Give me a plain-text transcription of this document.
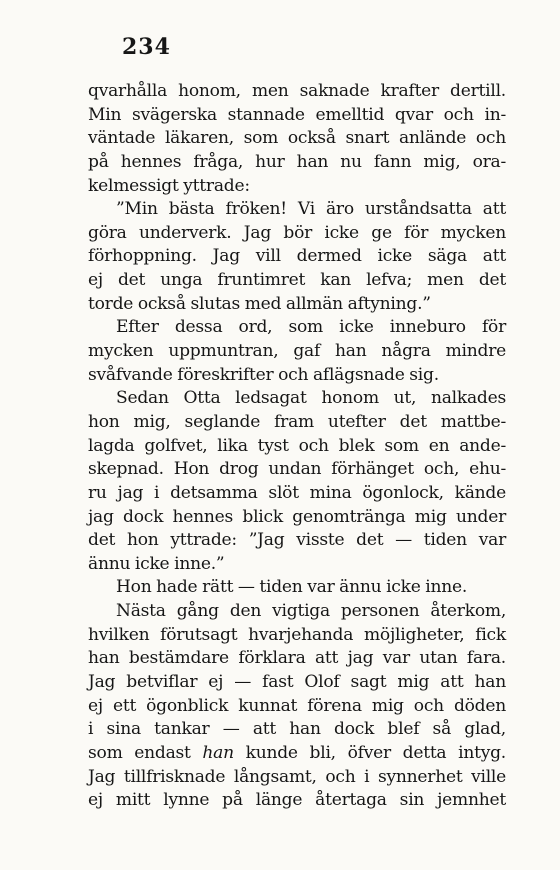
234
qvarhålla honom, men saknade krafter dertill.
Min svägerska stannade emelltid qvar och in-
väntade läkaren, som också snart anlände och
på hennes fråga, hur han nu fann mig, ora-
kelmessigt yttrade:
”Min bästa fröken! Vi äro urståndsatta att
göra underverk. Jag bör icke ge för mycken
förhoppning. Jag vill dermed icke säga att
ej det unga fruntimret kan lefva; men det
torde också slutas med allmän aftyning.”
Efter dessa ord, som icke inneburo för
mycken uppmuntran, gaf han några mindre
svåfvande föreskrifter och aflägsnade sig.
Sedan Otta ledsagat honom ut, nalkades
hon mig, seglande fram utefter det mattbe-
lagda golfvet, lika tyst och blek som en ande-
skepnad. Hon drog undan förhänget och, ehu-
ru jag i detsamma slöt mina ögonlock, kände
jag dock hennes blick genomtränga mig under
det hon yttrade: ”Jag visste det — tiden var
ännu icke inne.”
Hon hade rätt — tiden var ännu icke inne.
Nästa gång den vigtiga personen återkom,
hvilken förutsagt hvarjehanda möjligheter, fick
han bestämdare förklara att jag var utan fara.
Jag betviflar ej — fast Olof sagt mig att han
ej ett ögonblick kunnat förena mig och döden
i sina tankar — att han dock blef så glad,
som endast han kunde bli, öfver detta intyg.
Jag tillfrisknade långsamt, och i synnerhet ville
ej mitt lynne på länge återtaga sin jemnhet
